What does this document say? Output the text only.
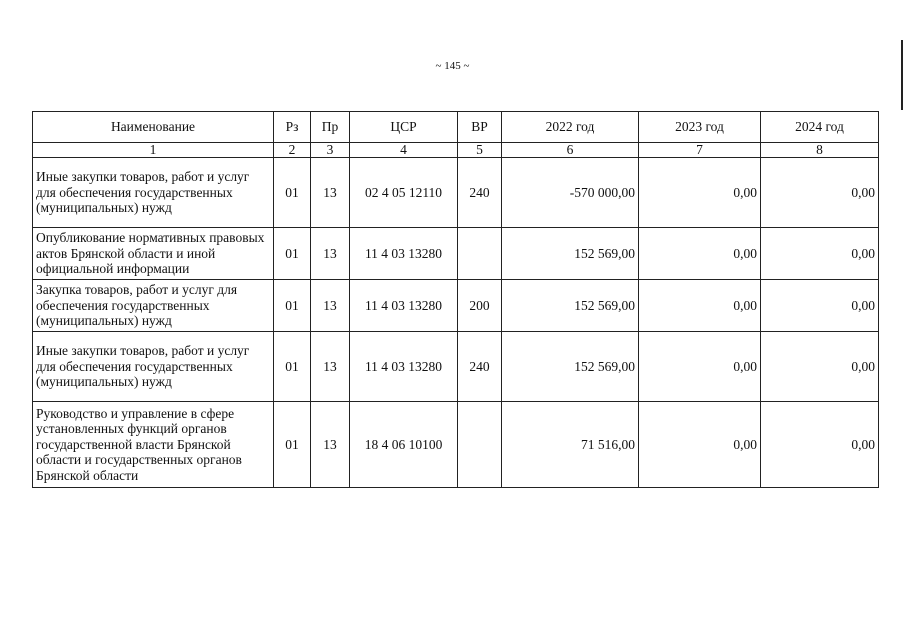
~ 145 ~
Наименование	Рз	Пр	ЦСР	ВР	2022 год	2023 год	2024 год
1	2	3	4	5	6	7	8
Иные закупки товаров, работ и услуг для обеспечения государственных (муниципальных) нужд	01	13	02 4 05 12110	240	-570 000,00	0,00	0,00
Опубликование нормативных правовых актов Брянской области и иной официальной информации	01	13	11 4 03 13280		152 569,00	0,00	0,00
Закупка товаров, работ и услуг для обеспечения государственных (муниципальных) нужд	01	13	11 4 03 13280	200	152 569,00	0,00	0,00
Иные закупки товаров, работ и услуг для обеспечения государственных (муниципальных) нужд	01	13	11 4 03 13280	240	152 569,00	0,00	0,00
Руководство и управление в сфере установленных функций органов государственной власти Брянской области и государственных органов Брянской области	01	13	18 4 06 10100		71 516,00	0,00	0,00
